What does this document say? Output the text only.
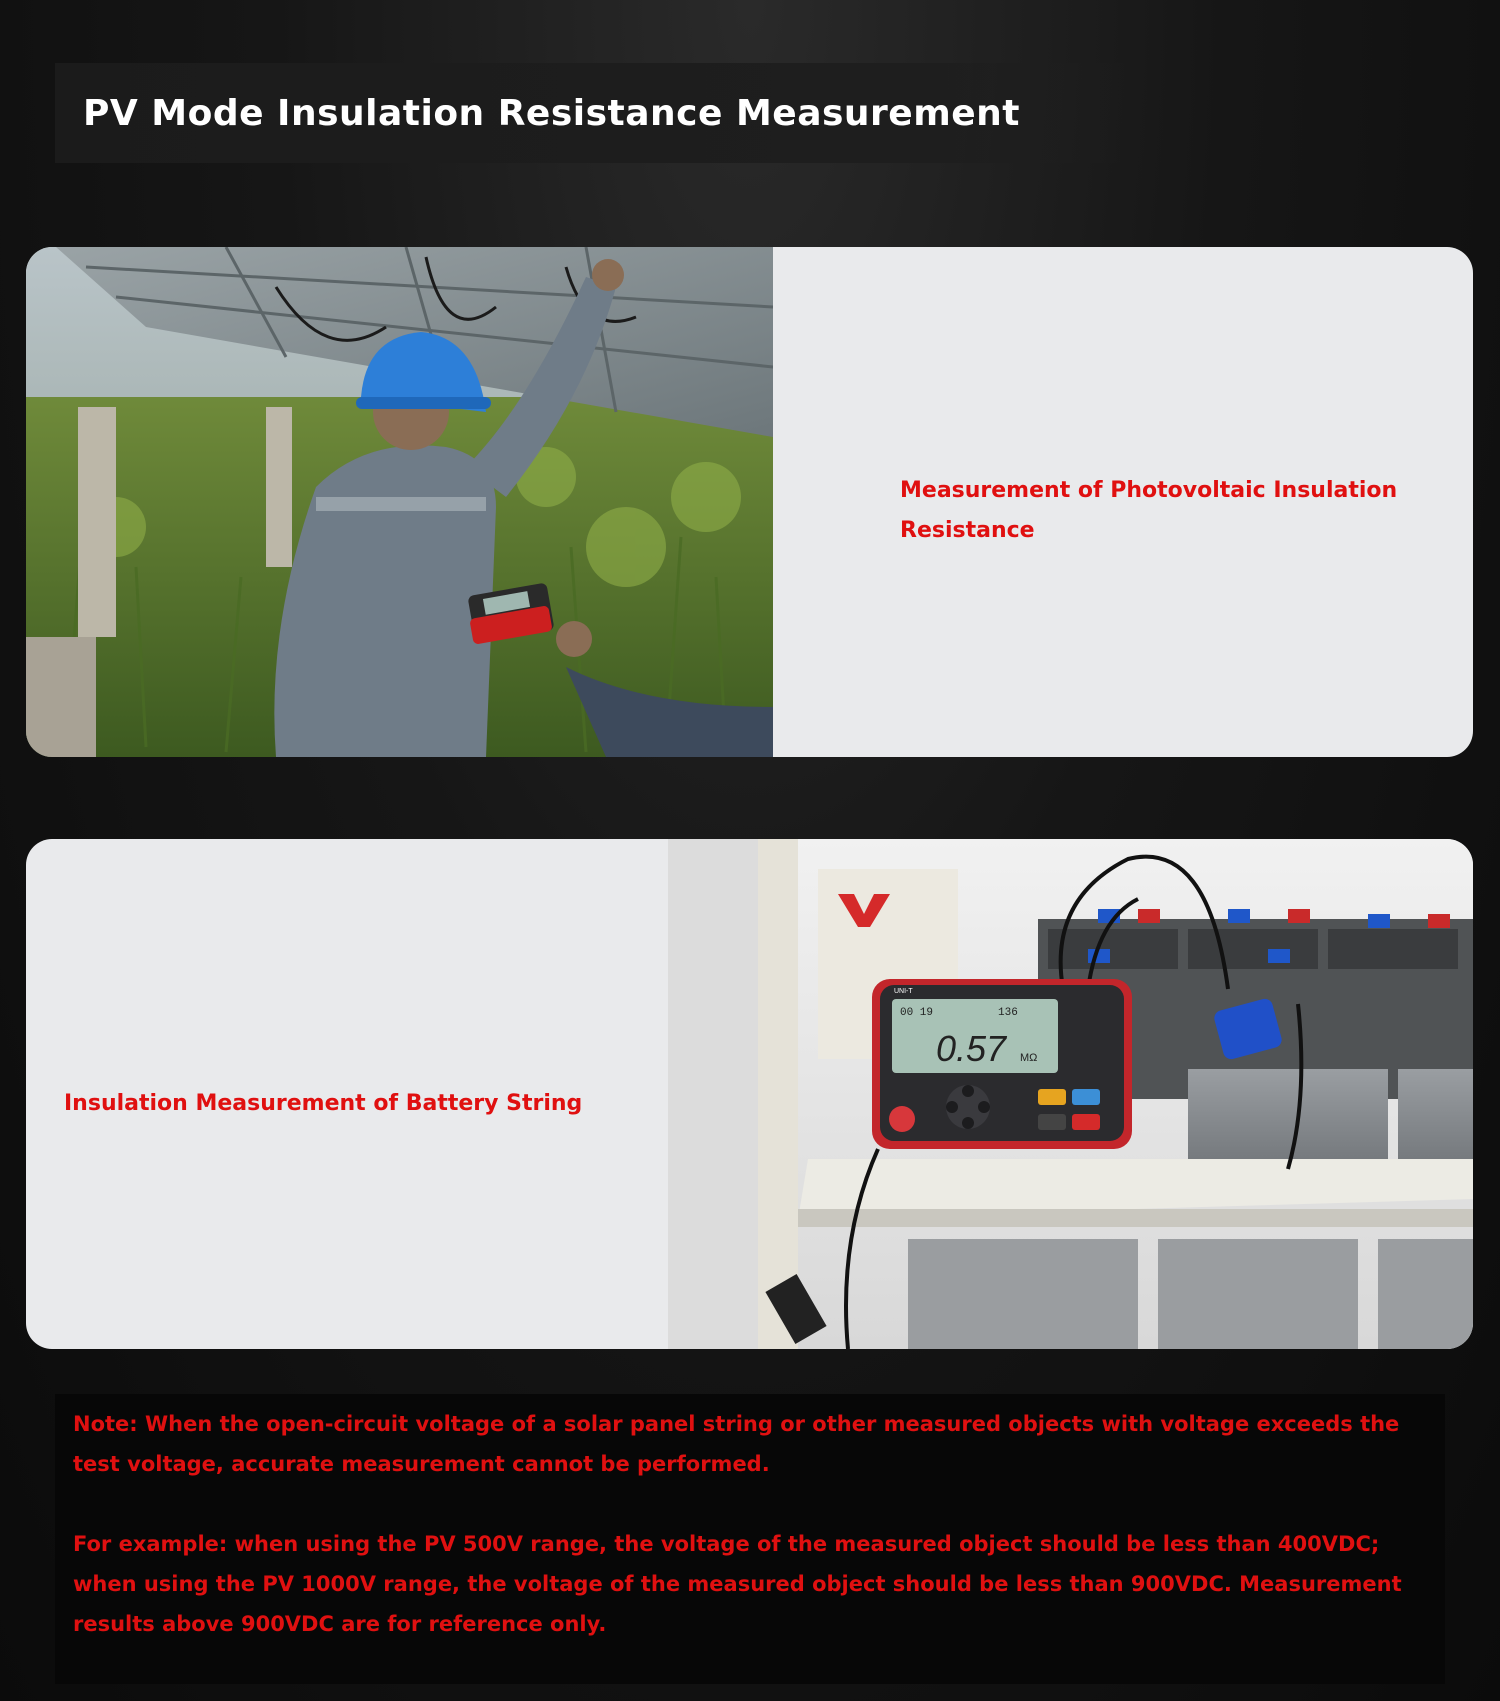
PV Mode Insulation Resistance Measurement
Measurement of Photovoltaic Insulation Resistance
Insulation Measurement of Battery String
00 19	136
0.57 MΩ
UNI-T
Note: When the open-circuit voltage of a solar panel string or other measured objects with voltage exceeds the test voltage, accurate measurement cannot be performed.
For example: when using the PV 500V range, the voltage of the measured object should be less than 400VDC; when using the PV 1000V range, the voltage of the measured object should be less than 900VDC. Measurement results above 900VDC are for reference only.
